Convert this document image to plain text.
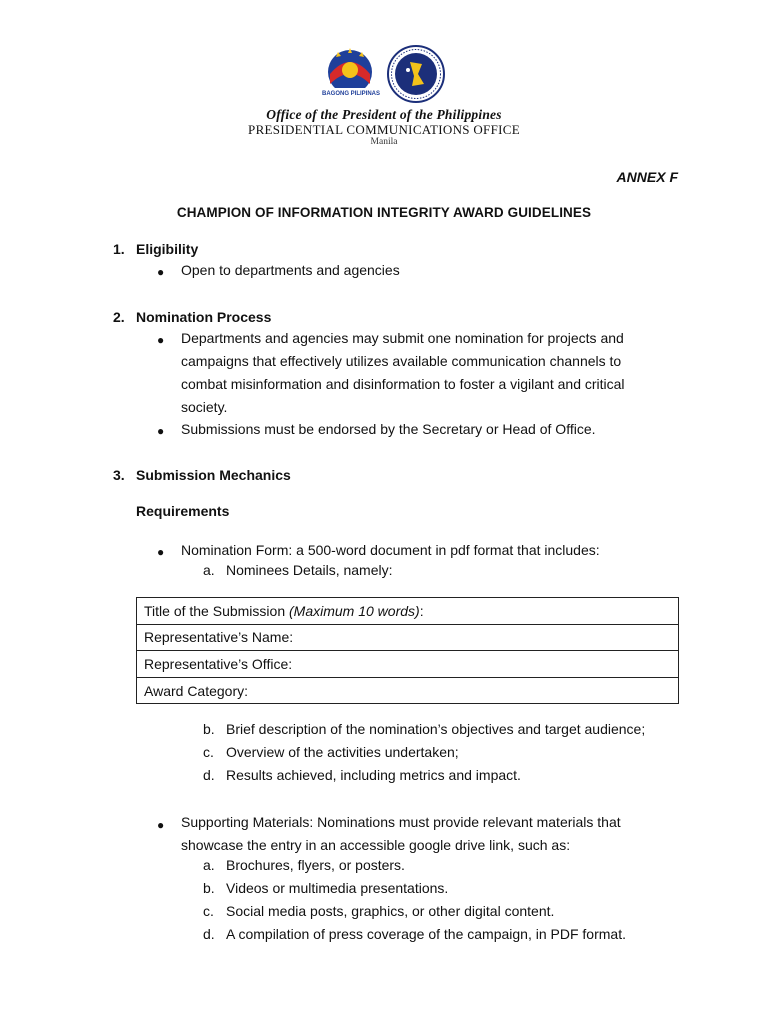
BAGONG PILIPINAS
Office of the President of the Philippines
PRESIDENTIAL COMMUNICATIONS OFFICE
Manila
ANNEX F
CHAMPION OF INFORMATION INTEGRITY AWARD GUIDELINES
1. Eligibility
● Open to departments and agencies
2. Nomination Process
● Departments and agencies may submit one nomination for projects and
campaigns that effectively utilizes available communication channels to
combat misinformation and disinformation to foster a vigilant and critical
society.
● Submissions must be endorsed by the Secretary or Head of Office.
3. Submission Mechanics
Requirements
● Nomination Form: a 500-word document in pdf format that includes:
a. Nominees Details, namely:
Title of the Submission (Maximum 10 words):
Representative’s Name:
Representative’s Office:
Award Category:
b. Brief description of the nomination’s objectives and target audience;
c. Overview of the activities undertaken;
d. Results achieved, including metrics and impact.
● Supporting Materials: Nominations must provide relevant materials that
showcase the entry in an accessible google drive link, such as:
a. Brochures, flyers, or posters.
b. Videos or multimedia presentations.
c. Social media posts, graphics, or other digital content.
d. A compilation of press coverage of the campaign, in PDF format.
